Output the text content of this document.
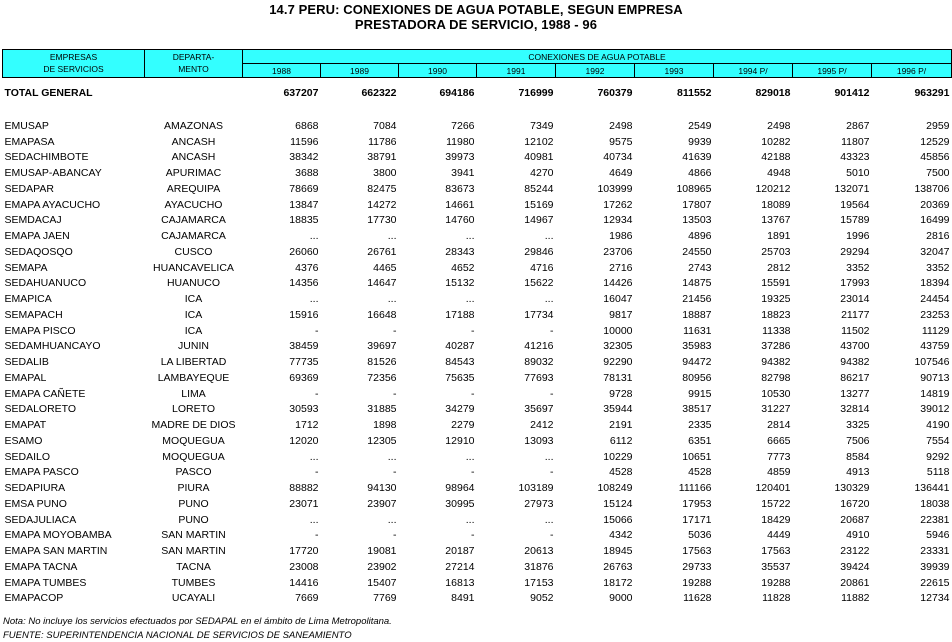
14.7 PERU: CONEXIONES DE AGUA POTABLE, SEGUN EMPRESA
PRESTADORA DE SERVICIO, 1988 - 96
EMPRESAS	DEPARTA-	CONEXIONES DE AGUA POTABLE								
DE SERVICIOS	MENTO	1988	1989	1990	1991	1992	1993	1994 P/	1995 P/	1996 P/

TOTAL GENERAL		637207	662322	694186	716999	760379	811552	829018	901412	963291

EMUSAP	AMAZONAS	6868	7084	7266	7349	2498	2549	2498	2867	2959
EMAPASA	ANCASH	11596	11786	11980	12102	9575	9939	10282	11807	12529
SEDACHIMBOTE	ANCASH	38342	38791	39973	40981	40734	41639	42188	43323	45856
EMUSAP-ABANCAY	APURIMAC	3688	3800	3941	4270	4649	4866	4948	5010	7500
SEDAPAR	AREQUIPA	78669	82475	83673	85244	103999	108965	120212	132071	138706
EMAPA AYACUCHO	AYACUCHO	13847	14272	14661	15169	17262	17807	18089	19564	20369
SEMDACAJ	CAJAMARCA	18835	17730	14760	14967	12934	13503	13767	15789	16499
EMAPA JAEN	CAJAMARCA	...	...	...	...	1986	4896	1891	1996	2816
SEDAQOSQO	CUSCO	26060	26761	28343	29846	23706	24550	25703	29294	32047
SEMAPA	HUANCAVELICA	4376	4465	4652	4716	2716	2743	2812	3352	3352
SEDAHUANUCO	HUANUCO	14356	14647	15132	15622	14426	14875	15591	17993	18394
EMAPICA	ICA	...	...	...	...	16047	21456	19325	23014	24454
SEMAPACH	ICA	15916	16648	17188	17734	9817	18887	18823	21177	23253
EMAPA PISCO	ICA	-	-	-	-	10000	11631	11338	11502	11129
SEDAMHUANCAYO	JUNIN	38459	39697	40287	41216	32305	35983	37286	43700	43759
SEDALIB	LA LIBERTAD	77735	81526	84543	89032	92290	94472	94382	94382	107546
EMAPAL	LAMBAYEQUE	69369	72356	75635	77693	78131	80956	82798	86217	90713
EMAPA CAÑETE	LIMA	-	-	-	-	9728	9915	10530	13277	14819
SEDALORETO	LORETO	30593	31885	34279	35697	35944	38517	31227	32814	39012
EMAPAT	MADRE DE DIOS	1712	1898	2279	2412	2191	2335	2814	3325	4190
ESAMO	MOQUEGUA	12020	12305	12910	13093	6112	6351	6665	7506	7554
SEDAILO	MOQUEGUA	...	...	...	...	10229	10651	7773	8584	9292
EMAPA PASCO	PASCO	-	-	-	-	4528	4528	4859	4913	5118
SEDAPIURA	PIURA	88882	94130	98964	103189	108249	111166	120401	130329	136441
EMSA PUNO	PUNO	23071	23907	30995	27973	15124	17953	15722	16720	18038
SEDAJULIACA	PUNO	...	...	...	...	15066	17171	18429	20687	22381
EMAPA MOYOBAMBA	SAN MARTIN	-	-	-	-	4342	5036	4449	4910	5946
EMAPA SAN MARTIN	SAN MARTIN	17720	19081	20187	20613	18945	17563	17563	23122	23331
EMAPA TACNA	TACNA	23008	23902	27214	31876	26763	29733	35537	39424	39939
EMAPA TUMBES	TUMBES	14416	15407	16813	17153	18172	19288	19288	20861	22615
EMAPACOP	UCAYALI	7669	7769	8491	9052	9000	11628	11828	11882	12734
Nota: No incluye los servicios efectuados por SEDAPAL en el ámbito de Lima Metropolitana.
FUENTE: SUPERINTENDENCIA NACIONAL DE SERVICIOS DE SANEAMIENTO
